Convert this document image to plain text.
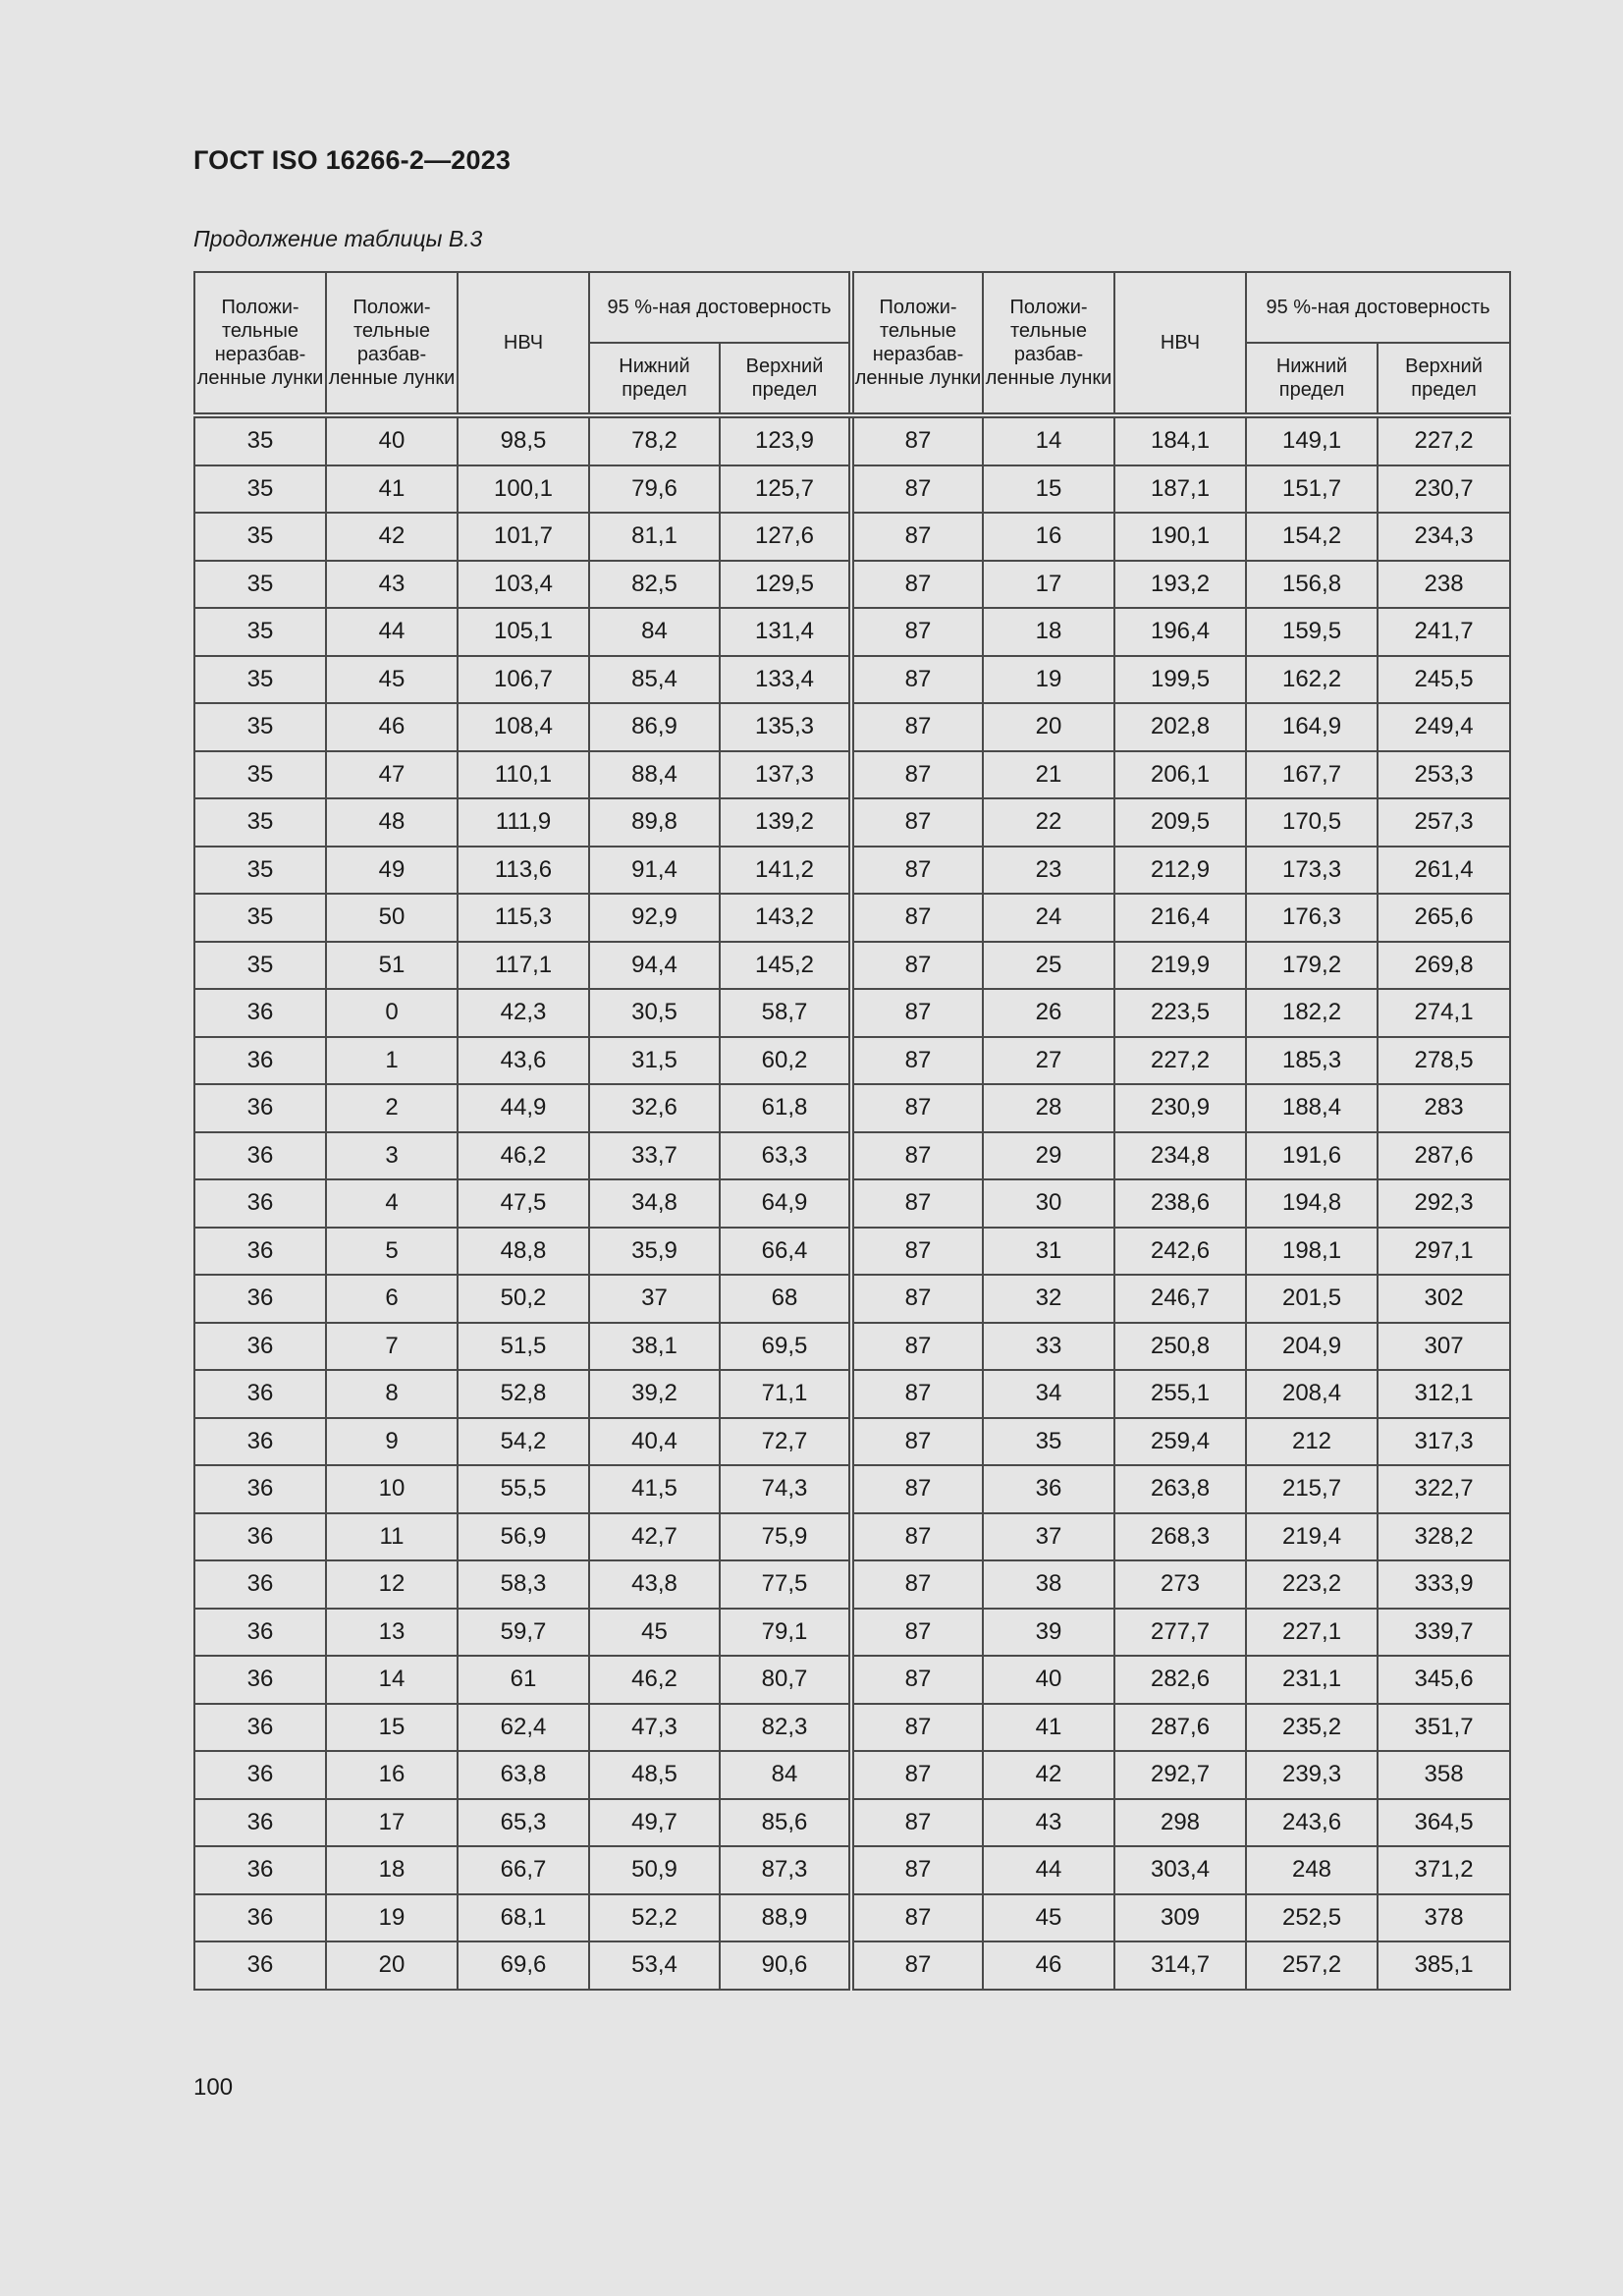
ГОСТ ISO 16266-2—2023
Продолжение таблицы В.3
Положи-тельные неразбав-ленные лунки	Положи-тельные разбав-ленные лунки	НВЧ	95 %-ная достоверность		Положи-тельные неразбав-ленные лунки	Положи-тельные разбав-ленные лунки	НВЧ	95 %-ная достоверность	
			Нижний предел	Верхний предел				Нижний предел	Верхний предел
35	40	98,5	78,2	123,9	87	14	184,1	149,1	227,2
35	41	100,1	79,6	125,7	87	15	187,1	151,7	230,7
35	42	101,7	81,1	127,6	87	16	190,1	154,2	234,3
35	43	103,4	82,5	129,5	87	17	193,2	156,8	238
35	44	105,1	84	131,4	87	18	196,4	159,5	241,7
35	45	106,7	85,4	133,4	87	19	199,5	162,2	245,5
35	46	108,4	86,9	135,3	87	20	202,8	164,9	249,4
35	47	110,1	88,4	137,3	87	21	206,1	167,7	253,3
35	48	111,9	89,8	139,2	87	22	209,5	170,5	257,3
35	49	113,6	91,4	141,2	87	23	212,9	173,3	261,4
35	50	115,3	92,9	143,2	87	24	216,4	176,3	265,6
35	51	117,1	94,4	145,2	87	25	219,9	179,2	269,8
36	0	42,3	30,5	58,7	87	26	223,5	182,2	274,1
36	1	43,6	31,5	60,2	87	27	227,2	185,3	278,5
36	2	44,9	32,6	61,8	87	28	230,9	188,4	283
36	3	46,2	33,7	63,3	87	29	234,8	191,6	287,6
36	4	47,5	34,8	64,9	87	30	238,6	194,8	292,3
36	5	48,8	35,9	66,4	87	31	242,6	198,1	297,1
36	6	50,2	37	68	87	32	246,7	201,5	302
36	7	51,5	38,1	69,5	87	33	250,8	204,9	307
36	8	52,8	39,2	71,1	87	34	255,1	208,4	312,1
36	9	54,2	40,4	72,7	87	35	259,4	212	317,3
36	10	55,5	41,5	74,3	87	36	263,8	215,7	322,7
36	11	56,9	42,7	75,9	87	37	268,3	219,4	328,2
36	12	58,3	43,8	77,5	87	38	273	223,2	333,9
36	13	59,7	45	79,1	87	39	277,7	227,1	339,7
36	14	61	46,2	80,7	87	40	282,6	231,1	345,6
36	15	62,4	47,3	82,3	87	41	287,6	235,2	351,7
36	16	63,8	48,5	84	87	42	292,7	239,3	358
36	17	65,3	49,7	85,6	87	43	298	243,6	364,5
36	18	66,7	50,9	87,3	87	44	303,4	248	371,2
36	19	68,1	52,2	88,9	87	45	309	252,5	378
36	20	69,6	53,4	90,6	87	46	314,7	257,2	385,1
100
